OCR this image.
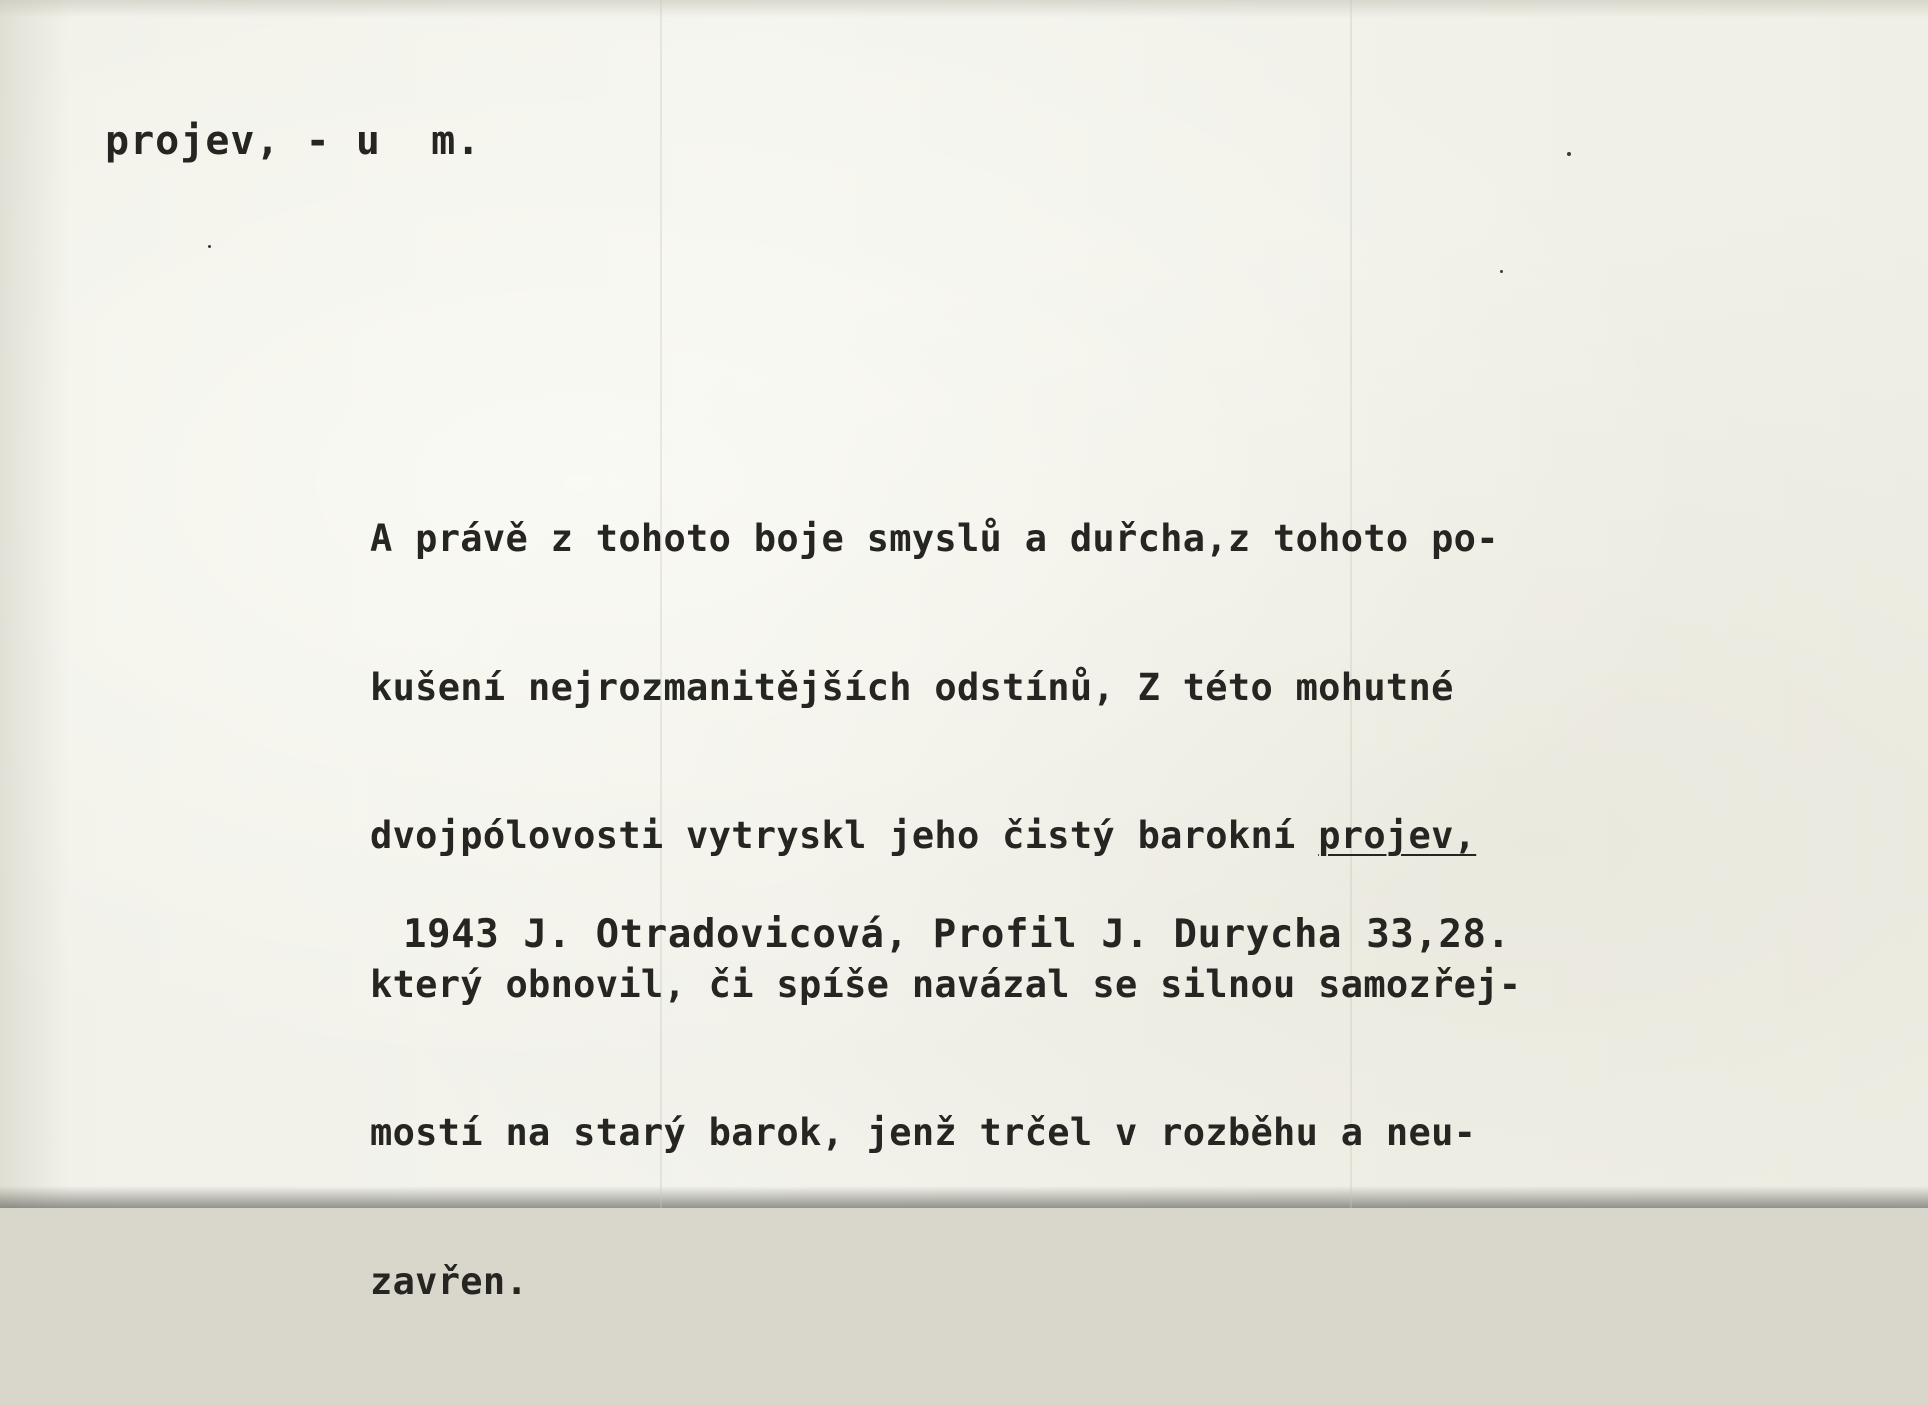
projev, - u  m.

A právě z tohoto boje smyslů a duřcha,z tohoto po-

kušení nejrozmanitějších odstínů, Z této mohutné

dvojpólovosti vytryskl jeho čistý barokní projev,

který obnovil, či spíše navázal se silnou samozřej-

mostí na starý barok, jenž trčel v rozběhu a neu-

zavřen.

1943 J. Otradovicová, Profil J. Durycha 33,28.
